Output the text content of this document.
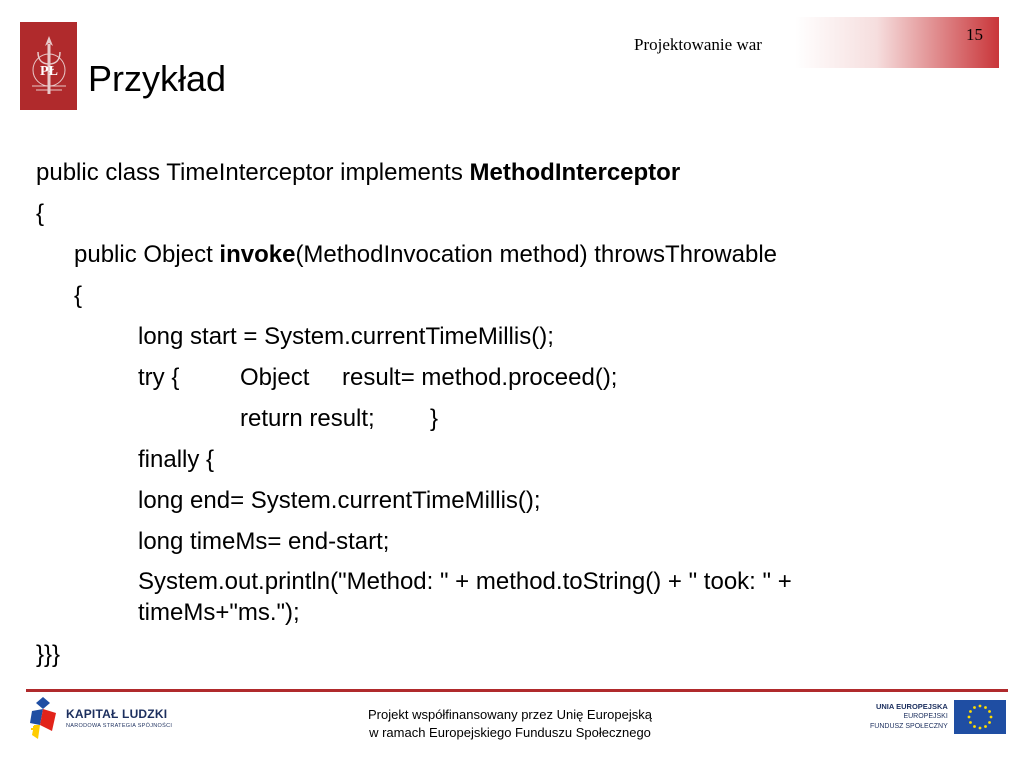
PŁ
Projektowanie war
15
Przykład
public class TimeInterceptor implements MethodInterceptor
{
public Object invoke(MethodInvocation method) throwsThrowable
{
long start = System.currentTimeMillis();
try {	Object result= method.proceed();
return result; }
finally {
long end= System.currentTimeMillis();
long timeMs= end-start;
System.out.println("Method: " + method.toString() + " took: " + timeMs+"ms.");
}}}
KAPITAŁ LUDZKI
NARODOWA STRATEGIA SPÓJNOŚCI
Projekt współfinansowany przez Unię Europejską
w ramach Europejskiego Funduszu Społecznego
UNIA EUROPEJSKA
EUROPEJSKI
FUNDUSZ SPOŁECZNY
